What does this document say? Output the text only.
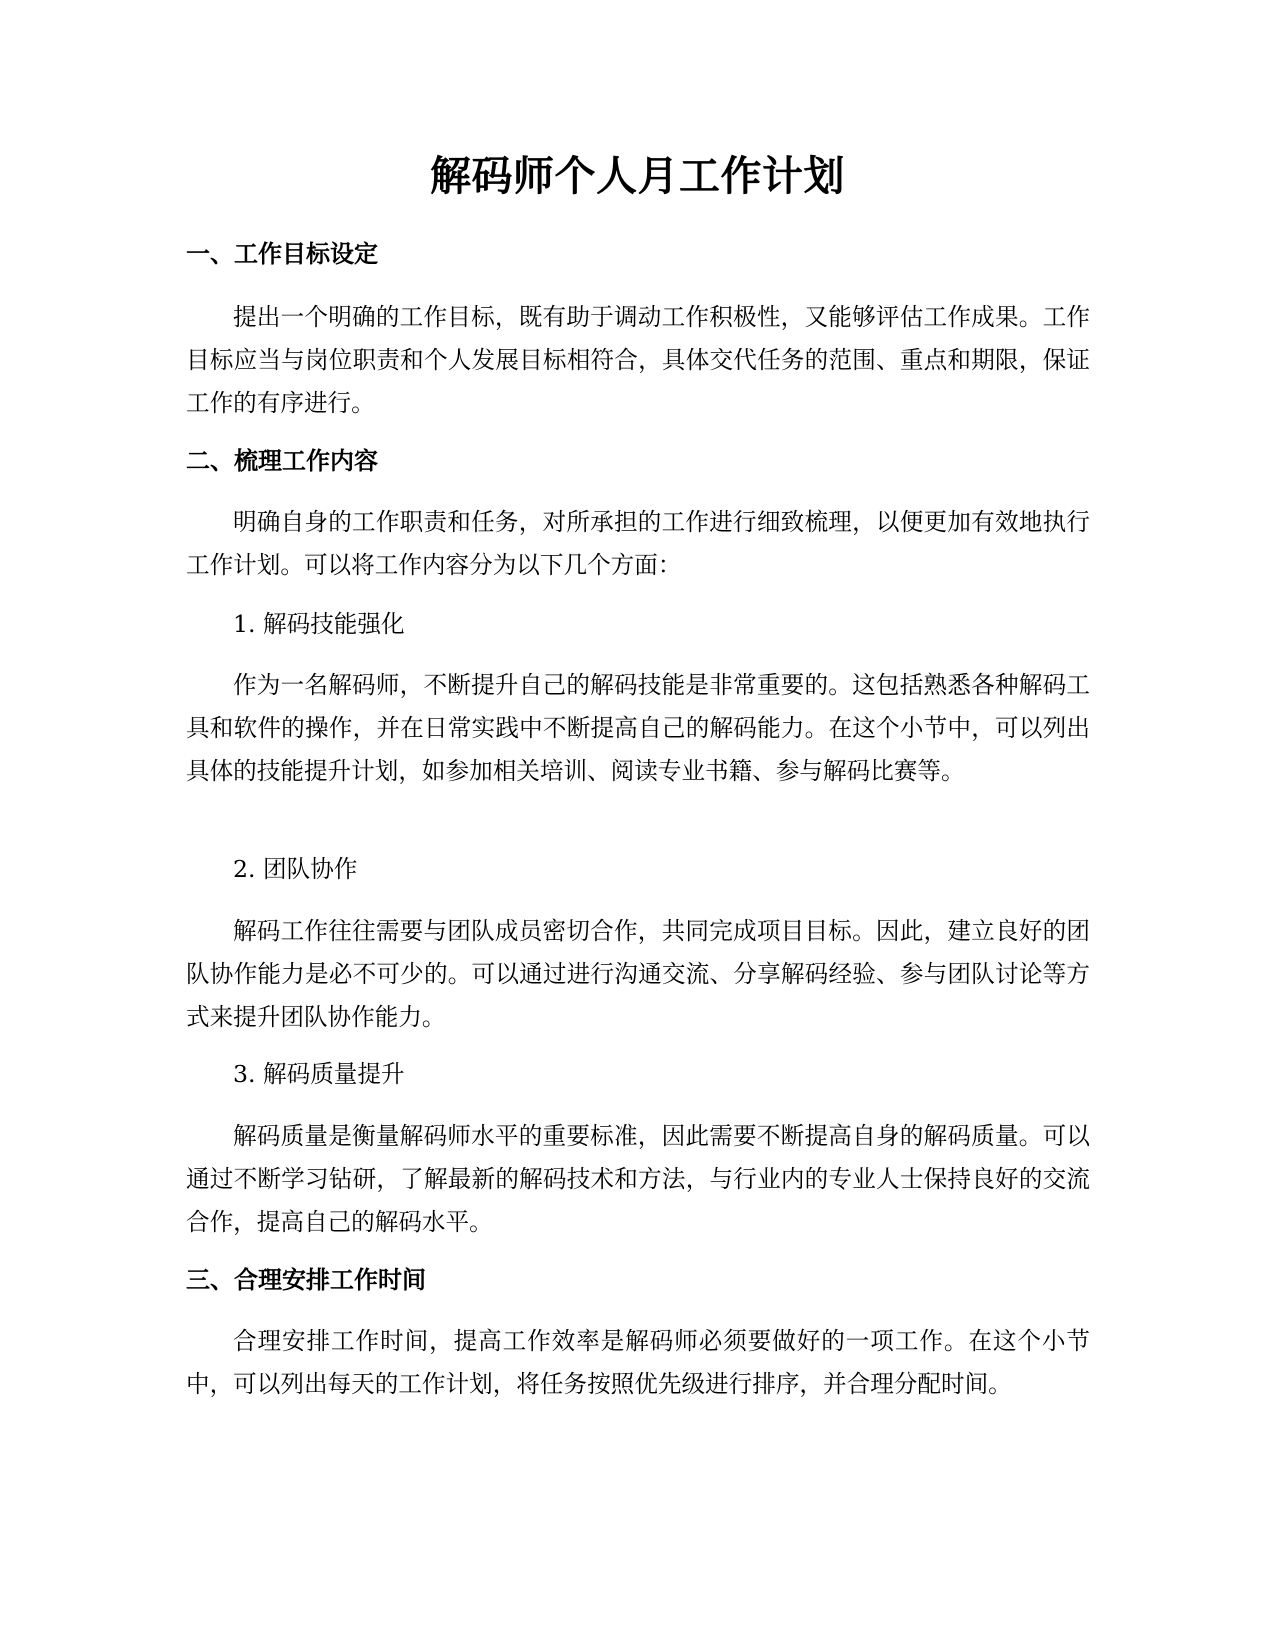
解码师个人月工作计划
一、工作目标设定

提出一个明确的工作目标，既有助于调动工作积极性，又能够评估工作成果。工作目标应当与岗位职责和个人发展目标相符合，具体交代任务的范围、重点和期限，保证工作的有序进行。

二、梳理工作内容

明确自身的工作职责和任务，对所承担的工作进行细致梳理，以便更加有效地执行工作计划。可以将工作内容分为以下几个方面：

1. 解码技能强化

作为一名解码师，不断提升自己的解码技能是非常重要的。这包括熟悉各种解码工具和软件的操作，并在日常实践中不断提高自己的解码能力。在这个小节中，可以列出具体的技能提升计划，如参加相关培训、阅读专业书籍、参与解码比赛等。

2. 团队协作

解码工作往往需要与团队成员密切合作，共同完成项目目标。因此，建立良好的团队协作能力是必不可少的。可以通过进行沟通交流、分享解码经验、参与团队讨论等方式来提升团队协作能力。

3. 解码质量提升

解码质量是衡量解码师水平的重要标准，因此需要不断提高自身的解码质量。可以通过不断学习钻研，了解最新的解码技术和方法，与行业内的专业人士保持良好的交流合作，提高自己的解码水平。

三、合理安排工作时间

合理安排工作时间，提高工作效率是解码师必须要做好的一项工作。在这个小节中，可以列出每天的工作计划，将任务按照优先级进行排序，并合理分配时间。
